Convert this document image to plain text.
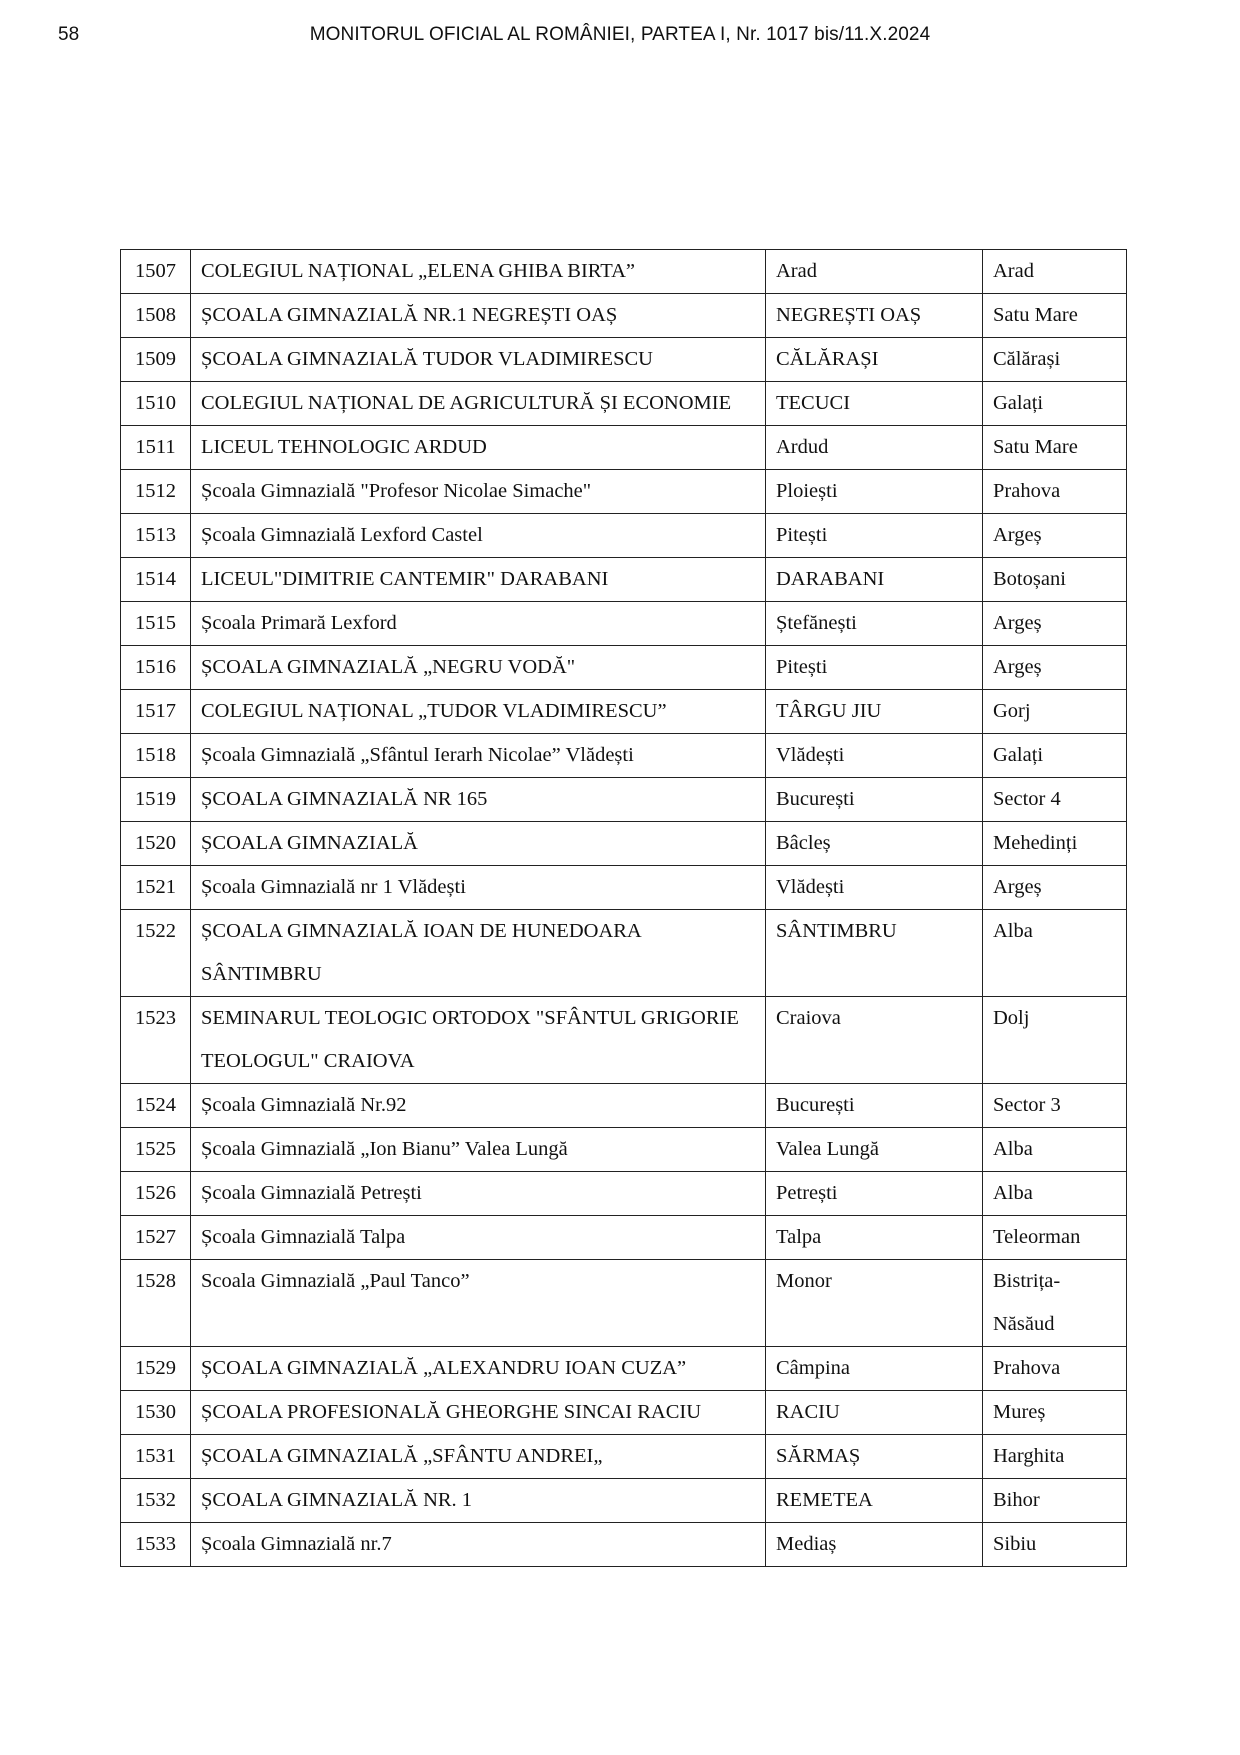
58	MONITORUL OFICIAL AL ROMÂNIEI, PARTEA I, Nr. 1017 bis/11.X.2024
1507	COLEGIUL NAȚIONAL „ELENA GHIBA BIRTA”	Arad	Arad
1508	ȘCOALA GIMNAZIALĂ NR.1 NEGREȘTI OAȘ	NEGREȘTI OAȘ	Satu Mare
1509	ȘCOALA GIMNAZIALĂ TUDOR VLADIMIRESCU	CĂLĂRAȘI	Călărași
1510	COLEGIUL NAȚIONAL DE AGRICULTURĂ ȘI ECONOMIE	TECUCI	Galați
1511	LICEUL TEHNOLOGIC ARDUD	Ardud	Satu Mare
1512	Școala Gimnazială "Profesor Nicolae Simache"	Ploiești	Prahova
1513	Școala Gimnazială Lexford Castel	Pitești	Argeș
1514	LICEUL"DIMITRIE CANTEMIR" DARABANI	DARABANI	Botoșani
1515	Școala Primară Lexford	Ștefănești	Argeș
1516	ȘCOALA GIMNAZIALĂ „NEGRU VODĂ"	Pitești	Argeș
1517	COLEGIUL NAȚIONAL „TUDOR VLADIMIRESCU”	TÂRGU JIU	Gorj
1518	Școala Gimnazială „Sfântul Ierarh Nicolae” Vlădești	Vlădești	Galați
1519	ȘCOALA GIMNAZIALĂ NR 165	București	Sector 4
1520	ȘCOALA GIMNAZIALĂ	Bâcleș	Mehedinți
1521	Școala Gimnazială nr 1 Vlădești	Vlădești	Argeș
1522	ȘCOALA GIMNAZIALĂ IOAN DE HUNEDOARA SÂNTIMBRU	SÂNTIMBRU	Alba
1523	SEMINARUL TEOLOGIC ORTODOX "SFÂNTUL GRIGORIE TEOLOGUL" CRAIOVA	Craiova	Dolj
1524	Școala Gimnazială Nr.92	București	Sector 3
1525	Școala Gimnazială „Ion Bianu” Valea Lungă	Valea Lungă	Alba
1526	Școala Gimnazială Petrești	Petrești	Alba
1527	Școala Gimnazială Talpa	Talpa	Teleorman
1528	Scoala Gimnazială „Paul Tanco”	Monor	Bistrița-Năsăud
1529	ȘCOALA GIMNAZIALĂ „ALEXANDRU IOAN CUZA”	Câmpina	Prahova
1530	ȘCOALA PROFESIONALĂ GHEORGHE SINCAI RACIU	RACIU	Mureș
1531	ȘCOALA GIMNAZIALĂ „SFÂNTU ANDREI„	SĂRMAȘ	Harghita
1532	ȘCOALA GIMNAZIALĂ NR. 1	REMETEA	Bihor
1533	Școala Gimnazială nr.7	Mediaș	Sibiu
